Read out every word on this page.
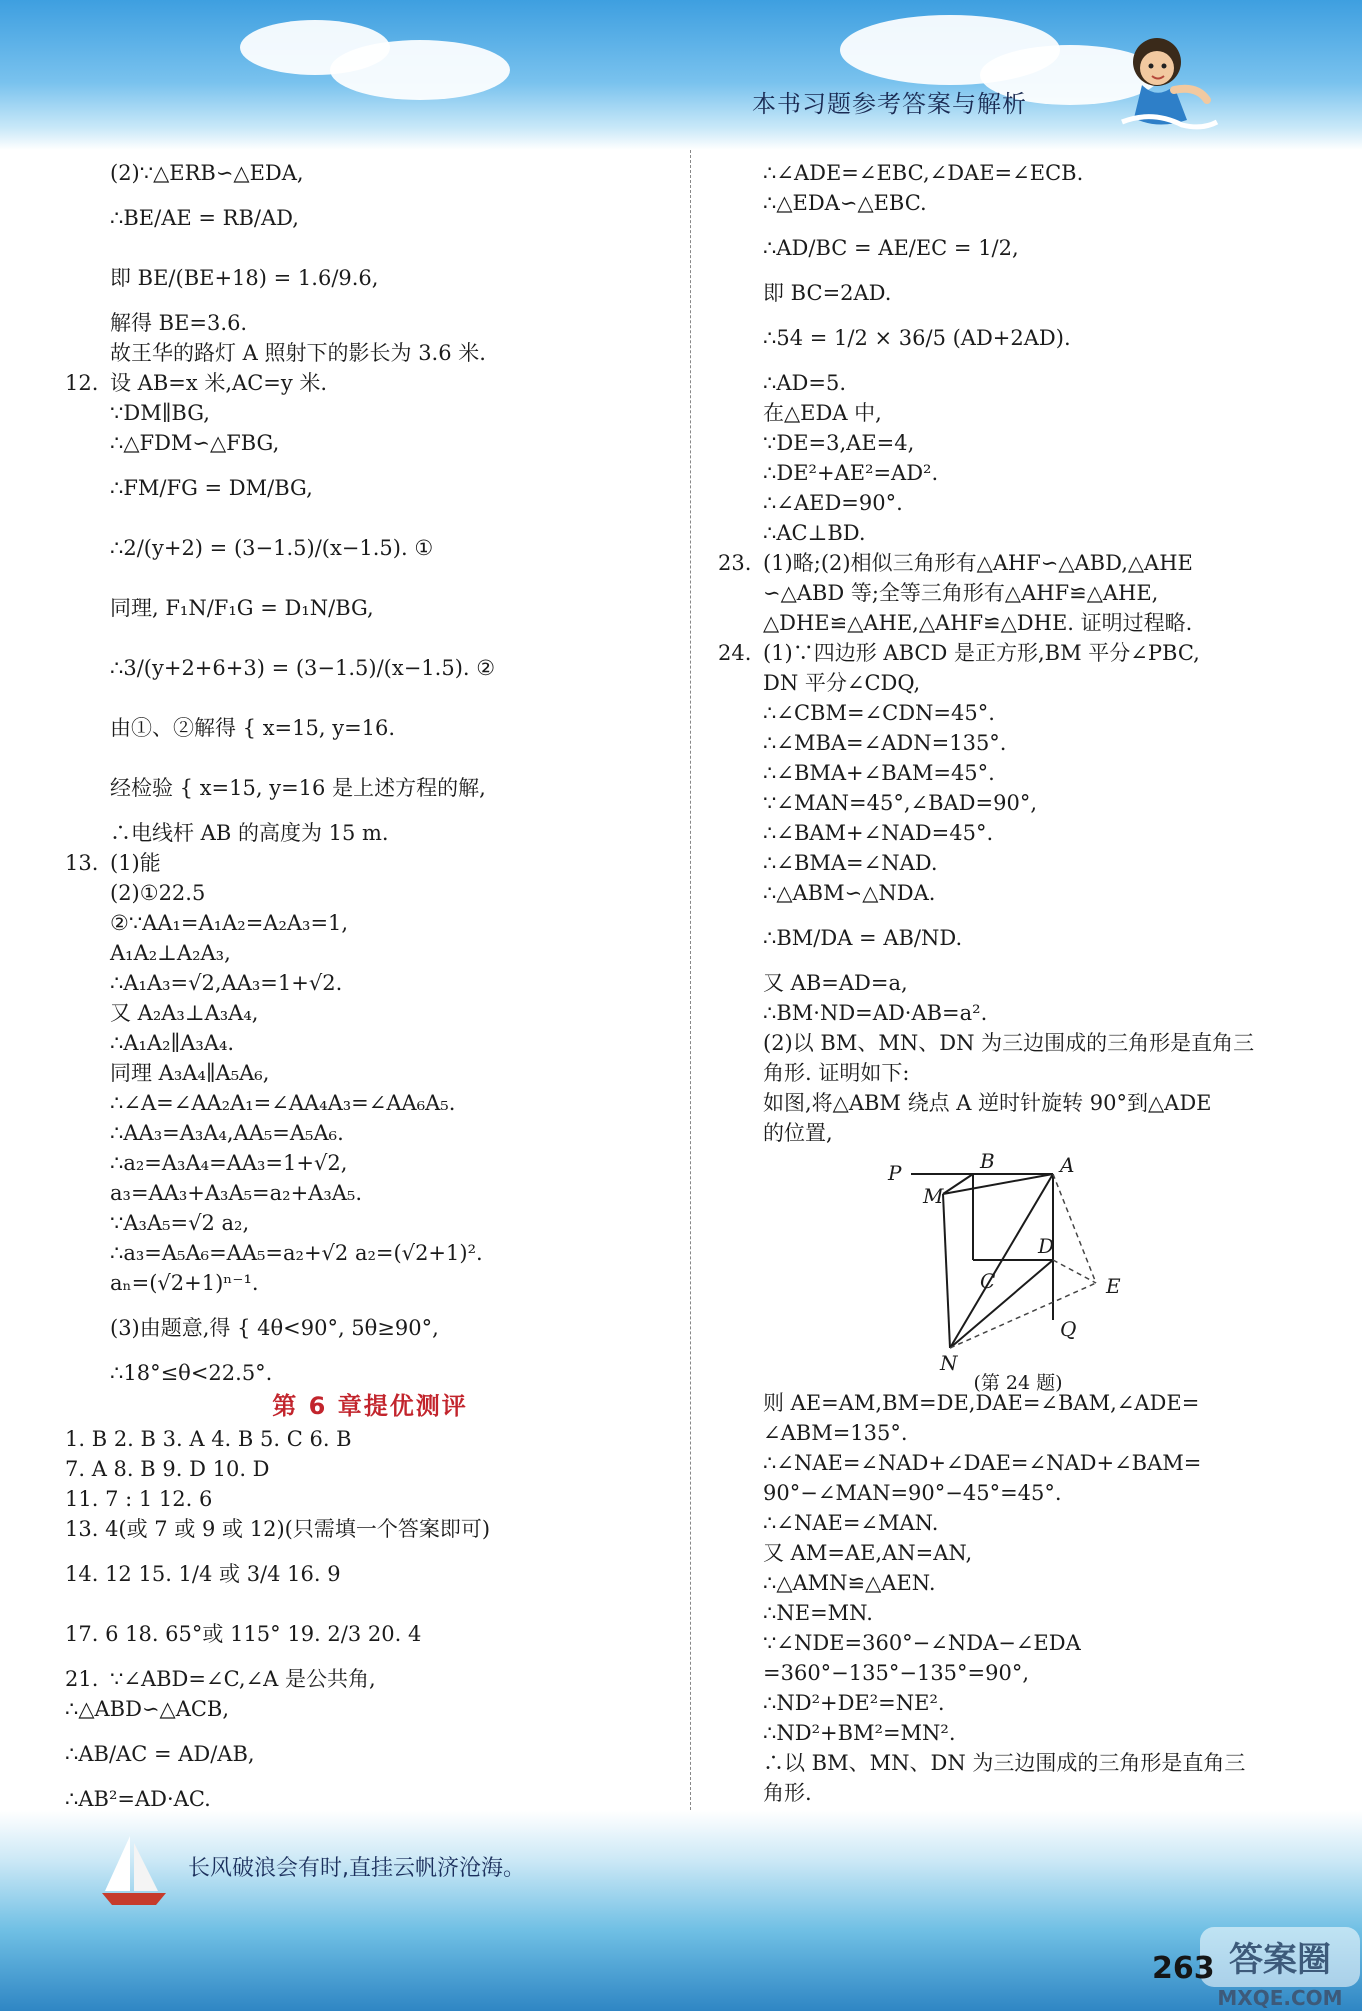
本书习题参考答案与解析
(2)∵△ERB∽△EDA,
∴BE/AE = RB/AD,
即 BE/(BE+18) = 1.6/9.6,
解得 BE=3.6.
故王华的路灯 A 照射下的影长为 3.6 米.
12. 设 AB=x 米,AC=y 米.
∵DM∥BG,
∴△FDM∽△FBG,
∴FM/FG = DM/BG,
∴2/(y+2) = (3−1.5)/(x−1.5). ①
同理, F₁N/F₁G = D₁N/BG,
∴3/(y+2+6+3) = (3−1.5)/(x−1.5). ②
由①、②解得 { x=15, y=16.
经检验 { x=15, y=16 是上述方程的解,
∴电线杆 AB 的高度为 15 m.
13. (1)能
(2)①22.5
②∵AA₁=A₁A₂=A₂A₃=1,
A₁A₂⊥A₂A₃,
∴A₁A₃=√2,AA₃=1+√2.
又 A₂A₃⊥A₃A₄,
∴A₁A₂∥A₃A₄.
同理 A₃A₄∥A₅A₆,
∴∠A=∠AA₂A₁=∠AA₄A₃=∠AA₆A₅.
∴AA₃=A₃A₄,AA₅=A₅A₆.
∴a₂=A₃A₄=AA₃=1+√2,
a₃=AA₃+A₃A₅=a₂+A₃A₅.
∵A₃A₅=√2 a₂,
∴a₃=A₅A₆=AA₅=a₂+√2 a₂=(√2+1)².
aₙ=(√2+1)ⁿ⁻¹.
(3)由题意,得 { 4θ<90°, 5θ≥90°,
∴18°≤θ<22.5°.
第 6 章提优测评
1. B 2. B 3. A 4. B 5. C 6. B
7. A 8. B 9. D 10. D
11. 7 : 1 12. 6
13. 4(或 7 或 9 或 12)(只需填一个答案即可)
14. 12 15. 1/4 或 3/4 16. 9
17. 6 18. 65°或 115° 19. 2/3 20. 4
21. ∵∠ABD=∠C,∠A 是公共角,
∴△ABD∽△ACB,
∴AB/AC = AD/AB,
∴AB²=AD·AC.
∴∠ADE=∠EBC,∠DAE=∠ECB.
∴△EDA∽△EBC.
∴AD/BC = AE/EC = 1/2,
即 BC=2AD.
∴54 = 1/2 × 36/5 (AD+2AD).
∴AD=5.
在△EDA 中,
∵DE=3,AE=4,
∴DE²+AE²=AD².
∴∠AED=90°.
∴AC⊥BD.
23. (1)略;(2)相似三角形有△AHF∽△ABD,△AHE
∽△ABD 等;全等三角形有△AHF≌△AHE,
△DHE≌△AHE,△AHF≌△DHE. 证明过程略.
24. (1)∵四边形 ABCD 是正方形,BM 平分∠PBC,
DN 平分∠CDQ,
∴∠CBM=∠CDN=45°.
∴∠MBA=∠ADN=135°.
∴∠BMA+∠BAM=45°.
∵∠MAN=45°,∠BAD=90°,
∴∠BAM+∠NAD=45°.
∴∠BMA=∠NAD.
∴△ABM∽△NDA.
∴BM/DA = AB/ND.
又 AB=AD=a,
∴BM·ND=AD·AB=a².
(2)以 BM、MN、DN 为三边围成的三角形是直角三
角形. 证明如下:
如图,将△ABM 绕点 A 逆时针旋转 90°到△ADE
的位置,
P	B	A
M
D
C	E
Q
N
(第 24 题)
则 AE=AM,BM=DE,DAE=∠BAM,∠ADE=
∠ABM=135°.
∴∠NAE=∠NAD+∠DAE=∠NAD+∠BAM=
90°−∠MAN=90°−45°=45°.
∴∠NAE=∠MAN.
又 AM=AE,AN=AN,
∴△AMN≌△AEN.
∴NE=MN.
∵∠NDE=360°−∠NDA−∠EDA
=360°−135°−135°=90°,
∴ND²+DE²=NE².
∴ND²+BM²=MN².
∴以 BM、MN、DN 为三边围成的三角形是直角三
角形.
长风破浪会有时,直挂云帆济沧海。
答案圈
MXQE.COM
263
